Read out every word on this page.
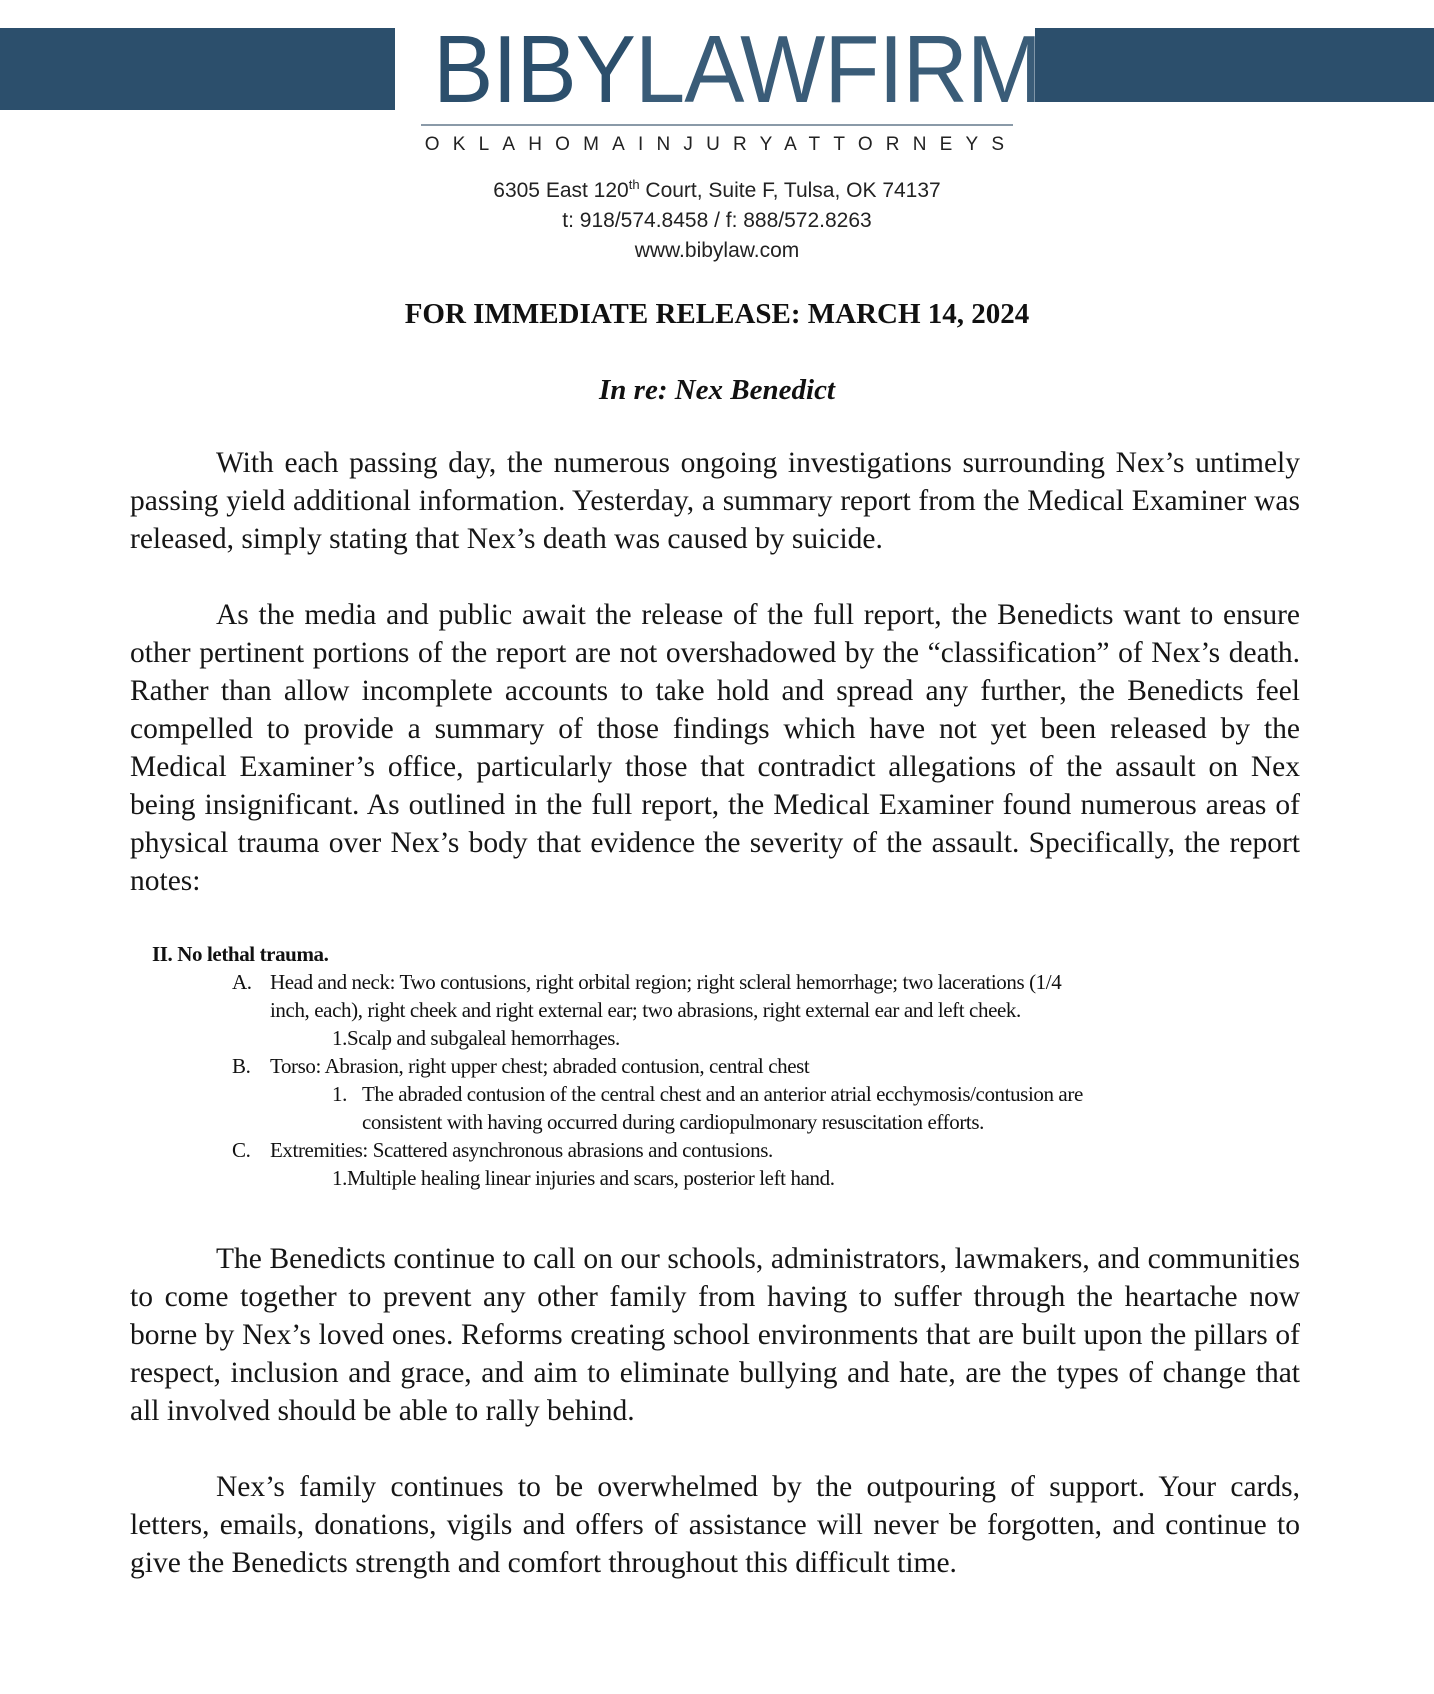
BIBYLAWFIRM
OKLAHOMAINJURYATTORNEYS
6305 East 120th Court, Suite F, Tulsa, OK 74137
t: 918/574.8458 / f: 888/572.8263
www.bibylaw.com
FOR IMMEDIATE RELEASE: MARCH 14, 2024
In re: Nex Benedict

With each passing day, the numerous ongoing investigations surrounding Nex’s untimely passing yield additional information. Yesterday, a summary report from the Medical Examiner was released, simply stating that Nex’s death was caused by suicide.

As the media and public await the release of the full report, the Benedicts want to ensure other pertinent portions of the report are not overshadowed by the “classification” of Nex’s death. Rather than allow incomplete accounts to take hold and spread any further, the Benedicts feel compelled to provide a summary of those findings which have not yet been released by the Medical Examiner’s office, particularly those that contradict allegations of the assault on Nex being insignificant. As outlined in the full report, the Medical Examiner found numerous areas of physical trauma over Nex’s body that evidence the severity of the assault. Specifically, the report notes:

II. No lethal trauma.
A. Head and neck: Two contusions, right orbital region; right scleral hemorrhage; two lacerations (1/4
inch, each), right cheek and right external ear; two abrasions, right external ear and left cheek.
1.Scalp and subgaleal hemorrhages.
B. Torso: Abrasion, right upper chest; abraded contusion, central chest
1. The abraded contusion of the central chest and an anterior atrial ecchymosis/contusion are
consistent with having occurred during cardiopulmonary resuscitation efforts.
C. Extremities: Scattered asynchronous abrasions and contusions.
1.Multiple healing linear injuries and scars, posterior left hand.

The Benedicts continue to call on our schools, administrators, lawmakers, and communities to come together to prevent any other family from having to suffer through the heartache now borne by Nex’s loved ones. Reforms creating school environments that are built upon the pillars of respect, inclusion and grace, and aim to eliminate bullying and hate, are the types of change that all involved should be able to rally behind.

Nex’s family continues to be overwhelmed by the outpouring of support. Your cards, letters, emails, donations, vigils and offers of assistance will never be forgotten, and continue to give the Benedicts strength and comfort throughout this difficult time.
